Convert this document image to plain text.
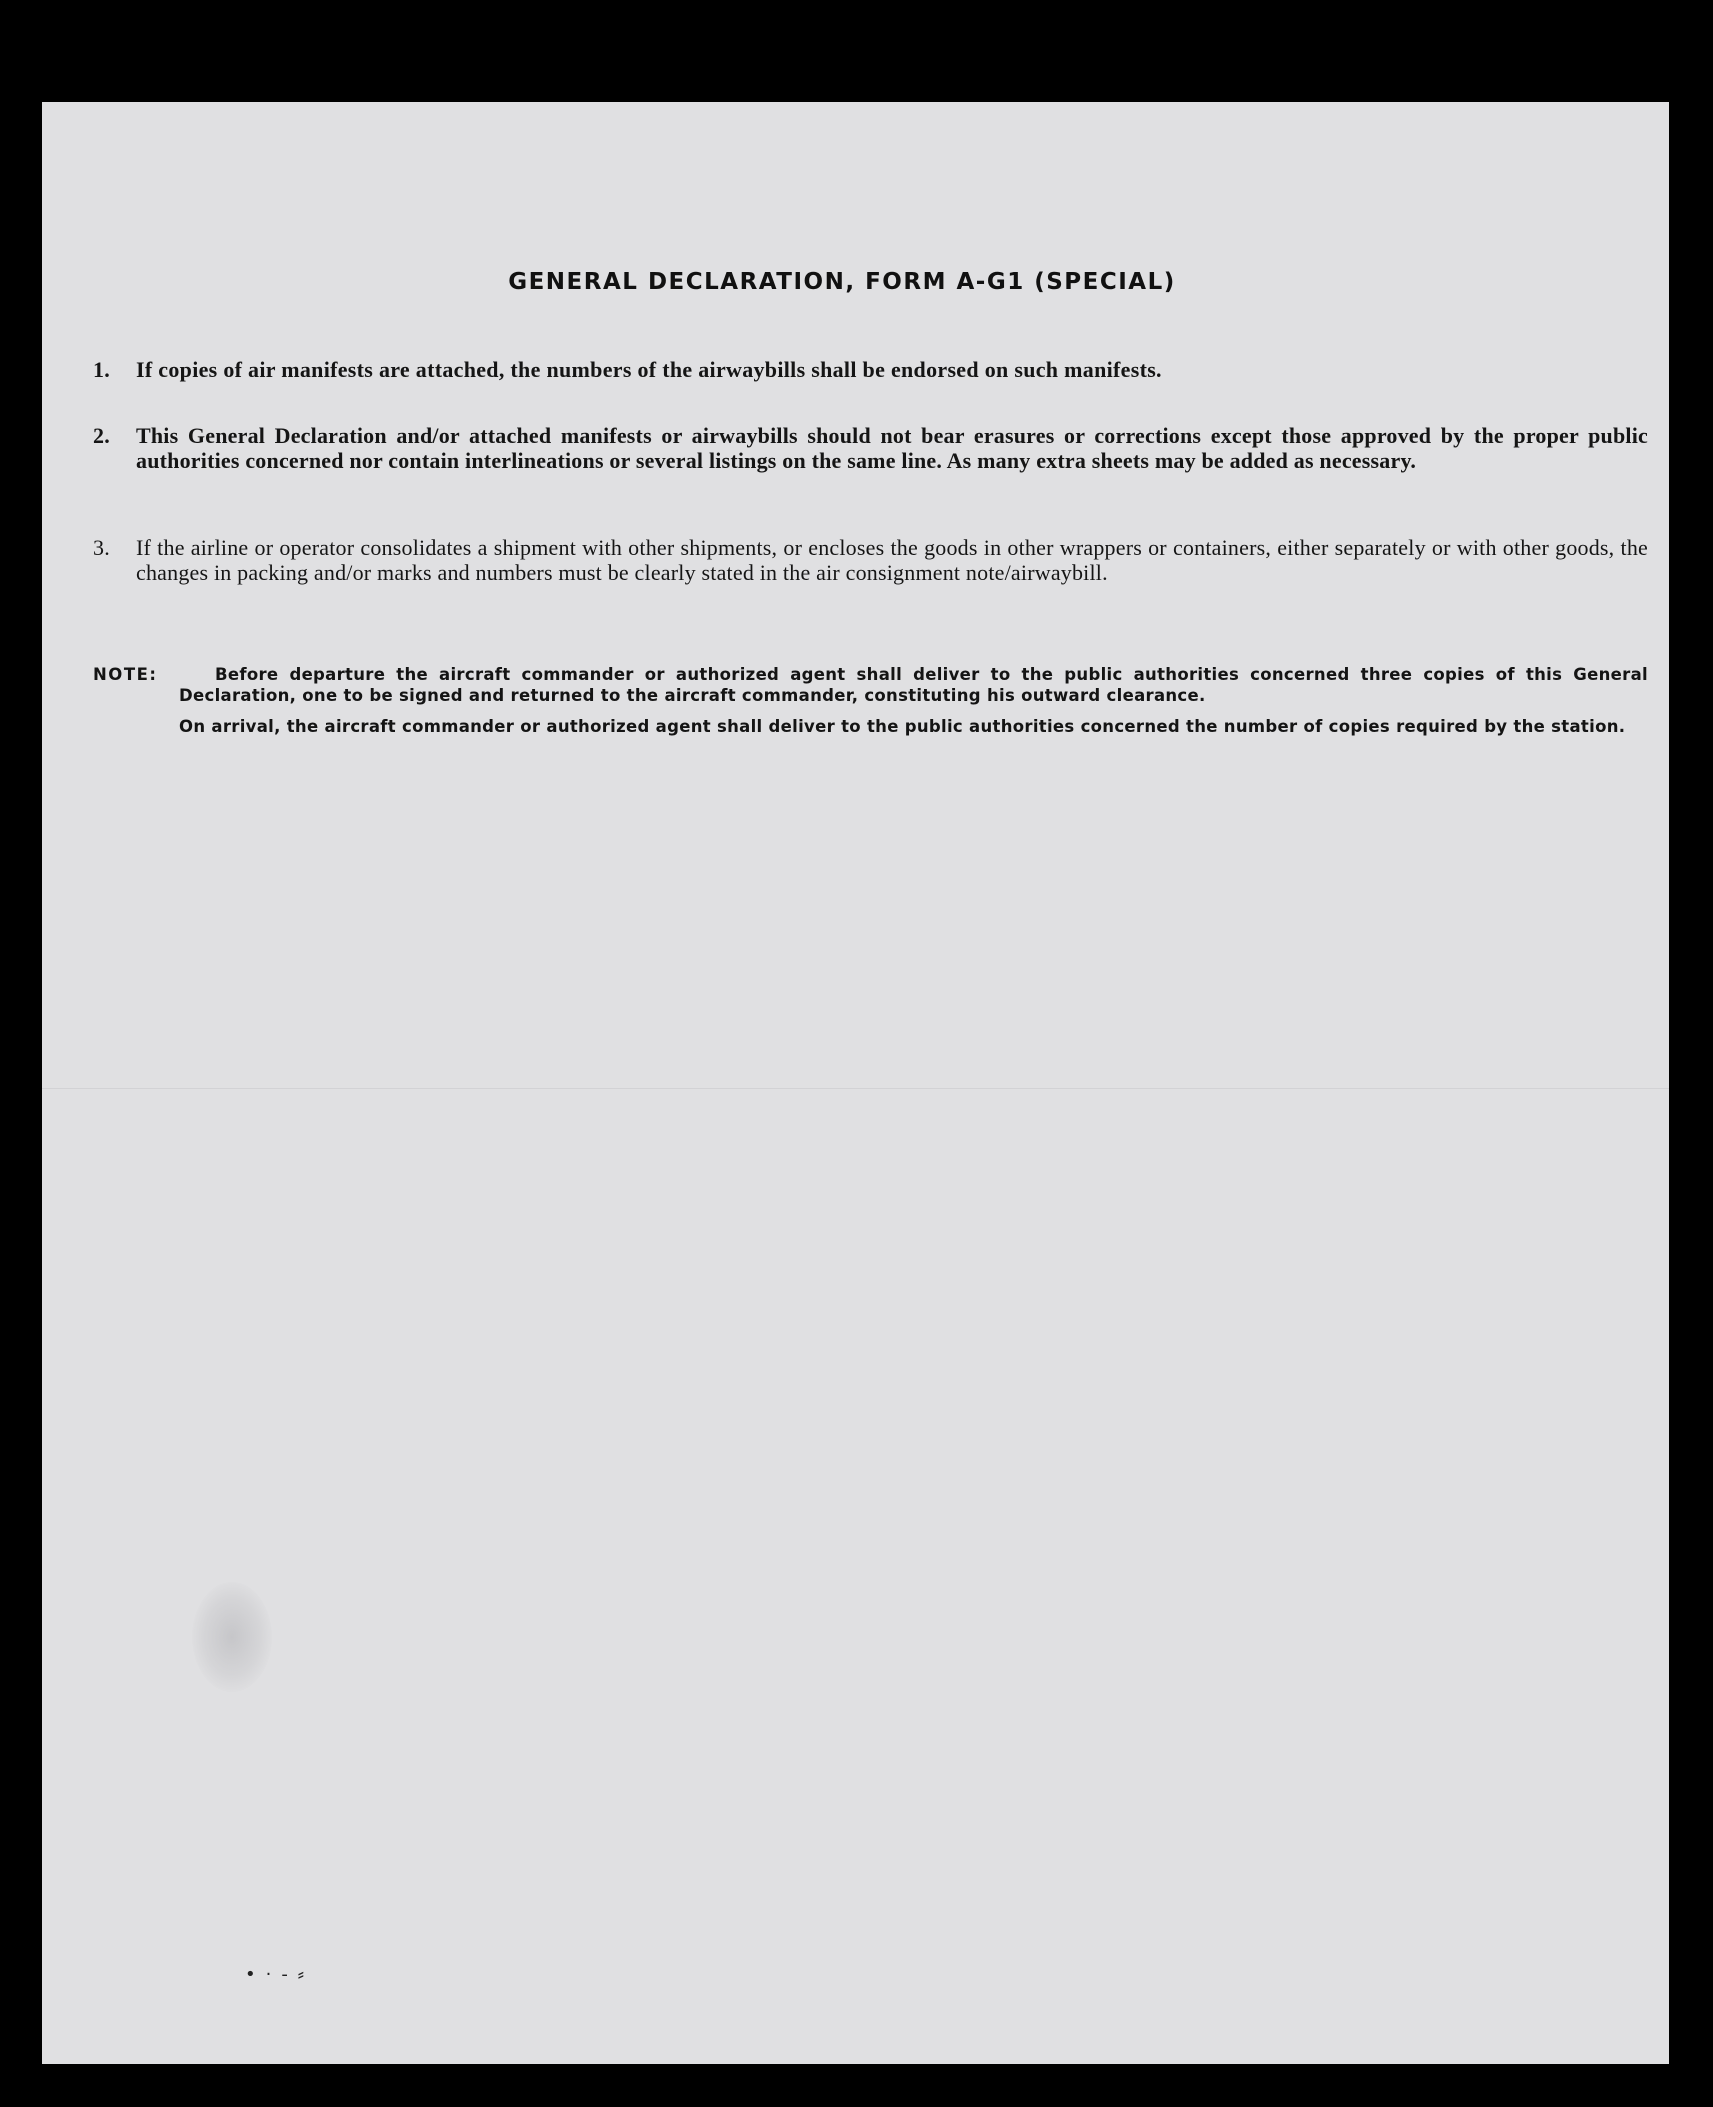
GENERAL DECLARATION, FORM A-G1 (SPECIAL)
1. If copies of air manifests are attached, the numbers of the airwaybills shall be endorsed on such manifests.
2. This General Declaration and/or attached manifests or airwaybills should not bear erasures or corrections except those approved by the proper public authorities concerned nor contain interlineations or several listings on the same line. As many extra sheets may be added as necessary.
3. If the airline or operator consolidates a shipment with other shipments, or encloses the goods in other wrappers or containers, either separately or with other goods, the changes in packing and/or marks and numbers must be clearly stated in the air consignment note/airwaybill.
NOTE:	Before departure the aircraft commander or authorized agent shall deliver to the public authorities concerned three copies of this General Declaration, one to be signed and returned to the aircraft commander, constituting his outward clearance.

On arrival, the aircraft commander or authorized agent shall deliver to the public authorities concerned the number of copies required by the station.

•·‐⸗
